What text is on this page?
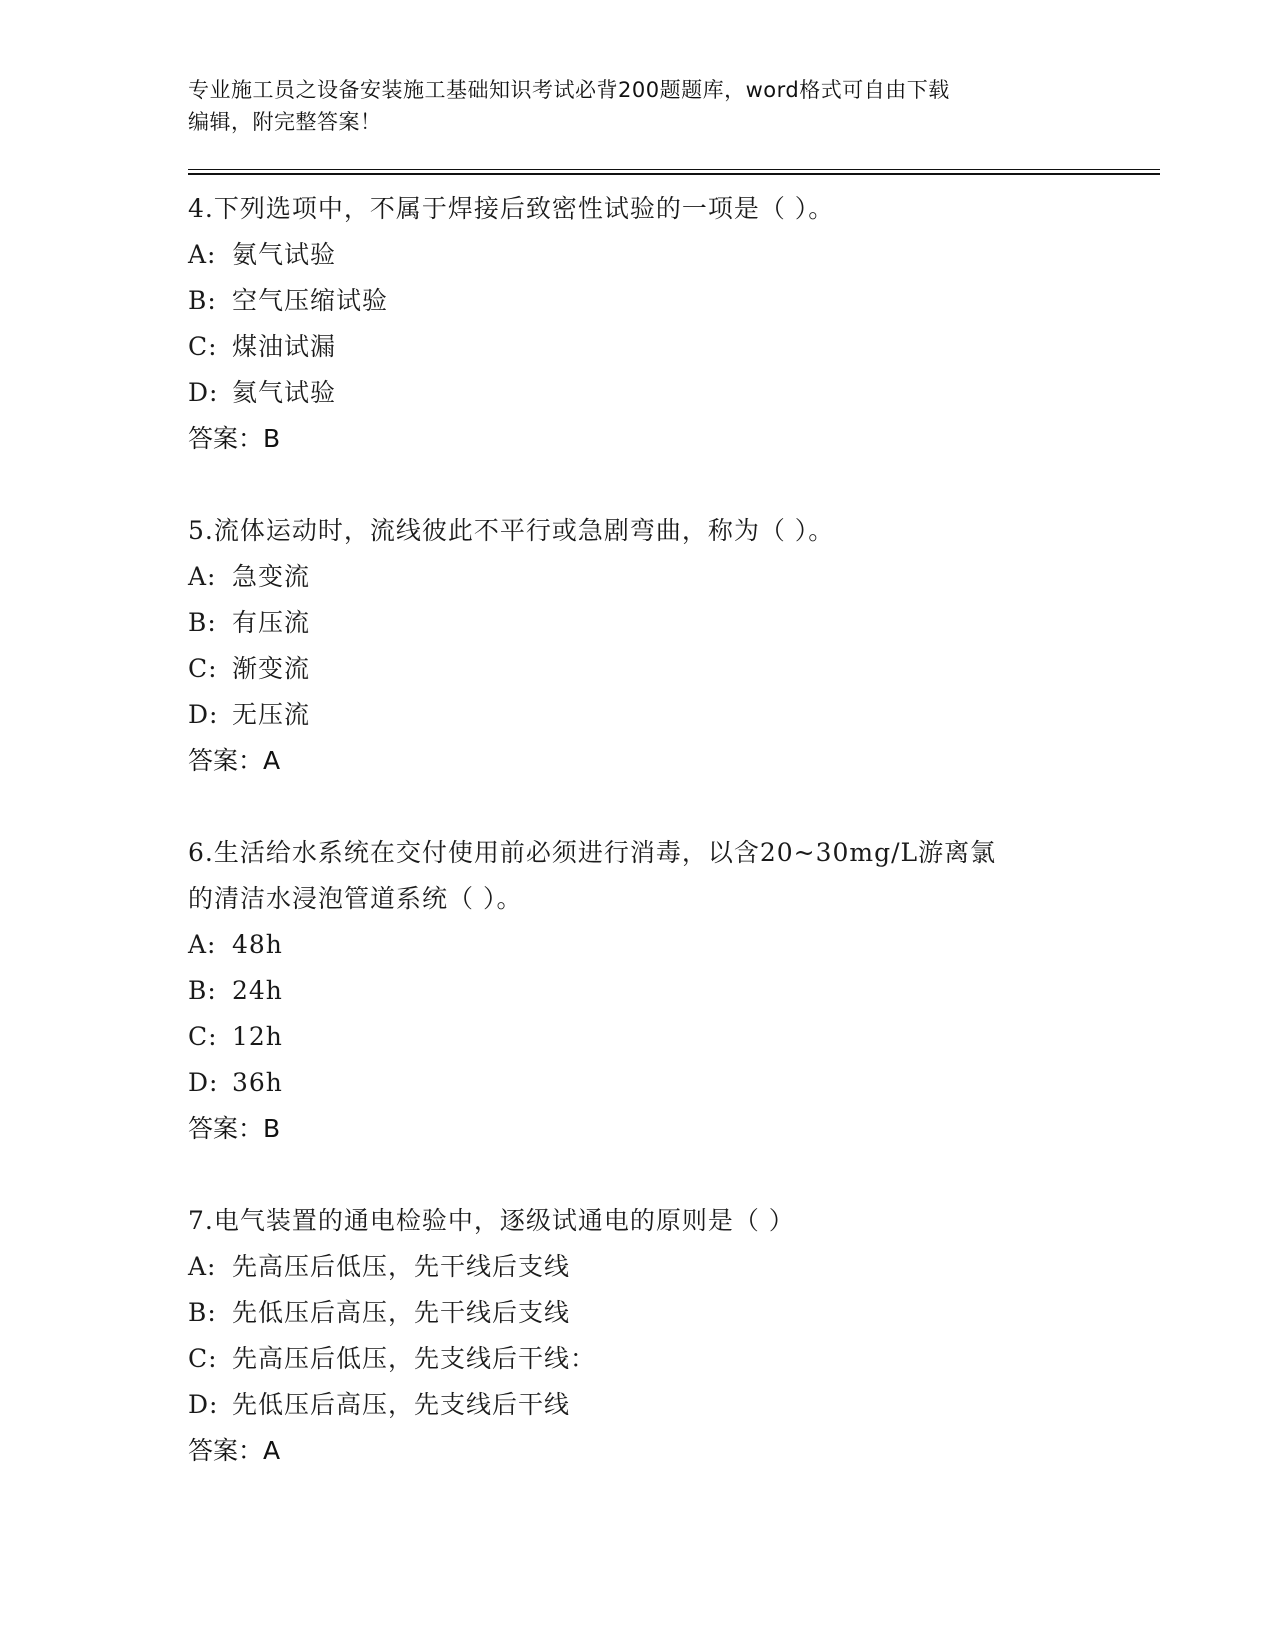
专业施工员之设备安装施工基础知识考试必背200题题库，word格式可自由下载
编辑，附完整答案！
4.下列选项中，不属于焊接后致密性试验的一项是（ ）。
A: 氨气试验
B: 空气压缩试验
C: 煤油试漏
D: 氦气试验
答案：B
5.流体运动时，流线彼此不平行或急剧弯曲，称为（ ）。
A: 急变流
B: 有压流
C: 渐变流
D: 无压流
答案：A
6.生活给水系统在交付使用前必须进行消毒，以含20~30mg/L游离氯
的清洁水浸泡管道系统（ ）。
A: 48h
B: 24h
C: 12h
D: 36h
答案：B
7.电气装置的通电检验中，逐级试通电的原则是（ ）
A: 先高压后低压，先干线后支线
B: 先低压后高压，先干线后支线
C: 先高压后低压，先支线后干线：
D: 先低压后高压，先支线后干线
答案：A
